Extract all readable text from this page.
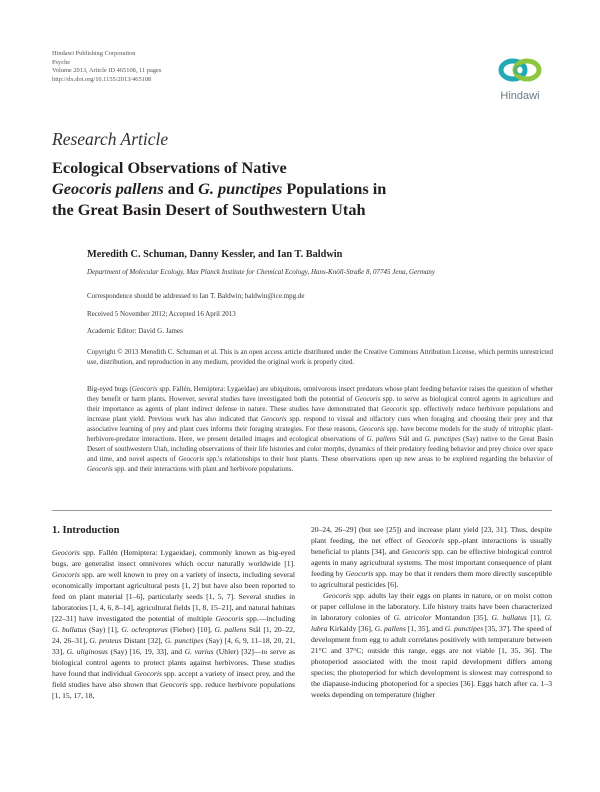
Hindawi Publishing Corporation
Psyche
Volume 2013, Article ID 465108, 11 pages
http://dx.doi.org/10.1155/2013/465108
Hindawi
Research Article
Ecological Observations of Native
Geocoris pallens and G. punctipes Populations in
the Great Basin Desert of Southwestern Utah
Meredith C. Schuman, Danny Kessler, and Ian T. Baldwin
Department of Molecular Ecology, Max Planck Institute for Chemical Ecology, Hans-Knöll-Straße 8, 07745 Jena, Germany
Correspondence should be addressed to Ian T. Baldwin; baldwin@ice.mpg.de
Received 5 November 2012; Accepted 16 April 2013
Academic Editor: David G. James
Copyright © 2013 Meredith C. Schuman et al. This is an open access article distributed under the Creative Commons Attribution License, which permits unrestricted use, distribution, and reproduction in any medium, provided the original work is properly cited.
Big-eyed bugs (Geocoris spp. Fallén, Hemiptera: Lygaeidae) are ubiquitous, omnivorous insect predators whose plant feeding behavior raises the question of whether they benefit or harm plants. However, several studies have investigated both the potential of Geocoris spp. to serve as biological control agents in agriculture and their importance as agents of plant indirect defense in nature. These studies have demonstrated that Geocoris spp. effectively reduce herbivore populations and increase plant yield. Previous work has also indicated that Geocoris spp. respond to visual and olfactory cues when foraging and choosing their prey and that associative learning of prey and plant cues informs their foraging strategies. For these reasons, Geocoris spp. have become models for the study of tritrophic plant-herbivore-predator interactions. Here, we present detailed images and ecological observations of G. pallens Stål and G. punctipes (Say) native to the Great Basin Desert of southwestern Utah, including observations of their life histories and color morphs, dynamics of their predatory feeding behavior and prey choice over space and time, and novel aspects of Geocoris spp.'s relationships to their host plants. These observations open up new areas to be explored regarding the behavior of Geocoris spp. and their interactions with plant and herbivore populations.
1. Introduction

Geocoris spp. Fallén (Hemiptera: Lygaeidae), commonly known as big-eyed bugs, are generalist insect omnivores which occur naturally worldwide [1]. Geocoris spp. are well known to prey on a variety of insects, including several economically important agricultural pests [1, 2] but have also been reported to feed on plant material [1–6], particularly seeds [1, 5, 7]. Several studies in laboratories [1, 4, 6, 8–14], agricultural fields [1, 8, 15–21], and natural habitats [22–31] have investigated the potential of multiple Geocoris spp.—including G. bullatus (Say) [1], G. ochropterus (Fieber) [10], G. pallens Stål [1, 20–22, 24, 26–31], G. proteus Distant [32], G. punctipes (Say) [4, 6, 9, 11–18, 20, 21, 33], G. uliginosus (Say) [16, 19, 33], and G. varius (Uhler) [32]—to serve as biological control agents to protect plants against herbivores. These studies have found that individual Geocoris spp. accept a variety of insect prey, and the field studies have also shown that Geocoris spp. reduce herbivore populations [1, 15, 17, 18,

20–24, 26–29] (but see [25]) and increase plant yield [23, 31]. Thus, despite plant feeding, the net effect of Geocoris spp.-plant interactions is usually beneficial to plants [34], and Geocoris spp. can be effective biological control agents in many agricultural systems. The most important consequence of plant feeding by Geocoris spp. may be that it renders them more directly susceptible to agricultural pesticides [6].

Geocoris spp. adults lay their eggs on plants in nature, or on moist cotton or paper cellulose in the laboratory. Life history traits have been characterized in laboratory colonies of G. atricolor Montandon [35], G. bullatus [1], G. lubra Kirkaldy [36], G. pallens [1, 35], and G. punctipes [35, 37]. The speed of development from egg to adult correlates positively with temperature between 21°C and 37°C; outside this range, eggs are not viable [1, 35, 36]. The photoperiod associated with the most rapid development differs among species; the photoperiod for which development is slowest may correspond to the diapause-inducing photoperiod for a species [36]. Eggs hatch after ca. 1–3 weeks depending on temperature (higher
